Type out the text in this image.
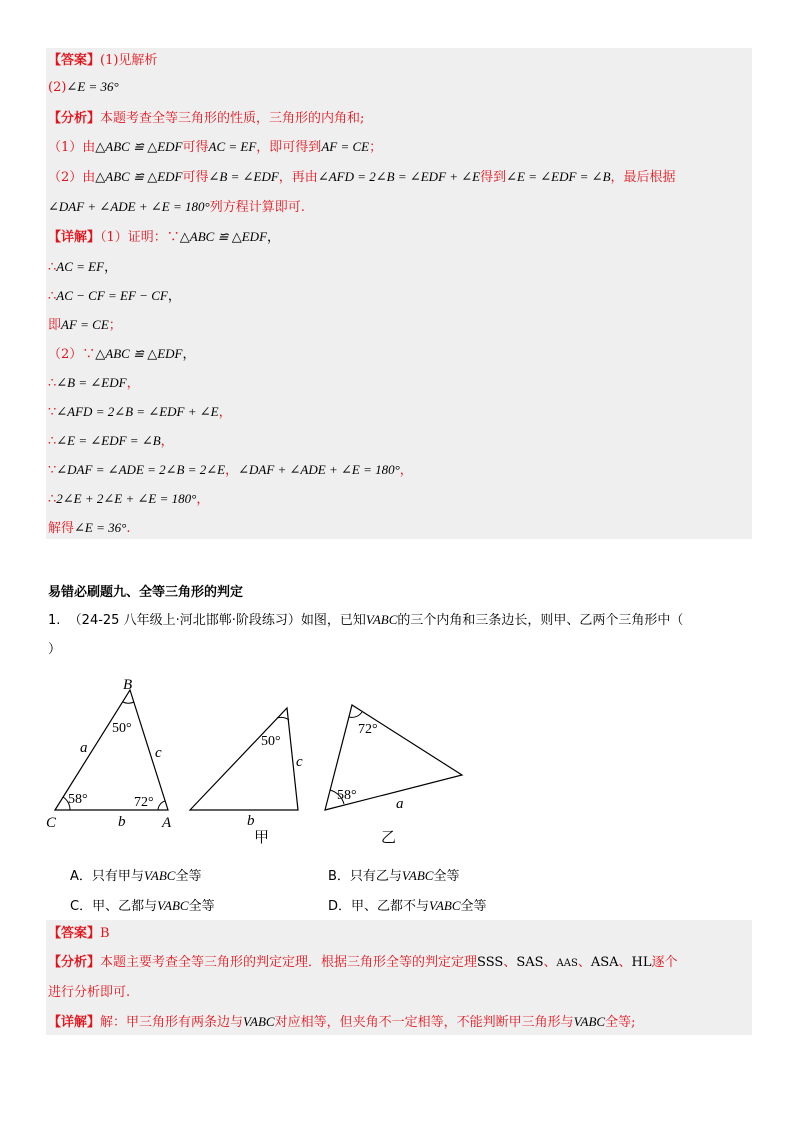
【答案】(1)见解析
(2)∠E = 36°
【分析】本题考查全等三角形的性质，三角形的内角和;
（1）由△ABC ≌ △EDF可得AC = EF，即可得到AF = CE；
（2）由△ABC ≌ △EDF可得∠B = ∠EDF，再由∠AFD = 2∠B = ∠EDF + ∠E得到∠E = ∠EDF = ∠B，最后根据
∠DAF + ∠ADE + ∠E = 180°列方程计算即可.
【详解】（1）证明：∵△ABC ≌ △EDF，
∴AC = EF，
∴AC − CF = EF − CF，
即AF = CE；
（2）∵△ABC ≌ △EDF，
∴∠B = ∠EDF，
∵∠AFD = 2∠B = ∠EDF + ∠E，
∴∠E = ∠EDF = ∠B，
∵∠DAF = ∠ADE = 2∠B = 2∠E，∠DAF + ∠ADE + ∠E = 180°，
∴2∠E + 2∠E + ∠E = 180°，
解得∠E = 36°.
易错必刷题九、全等三角形的判定
1. （24-25 八年级上·河北邯郸·阶段练习）如图，已知VABC的三个内角和三条边长，则甲、乙两个三角形中（
）
B
C	A
a	c
b
50°
58°	72°
50°
c
b
甲
72°
58°
a
乙
A．只有甲与VABC全等	B．只有乙与VABC全等
C．甲、乙都与VABC全等	D．甲、乙都不与VABC全等
【答案】B
【分析】本题主要考查全等三角形的判定定理．根据三角形全等的判定定理SSS、SAS、AAS、ASA、HL逐个
进行分析即可.
【详解】解：甲三角形有两条边与VABC对应相等，但夹角不一定相等，不能判断甲三角形与VABC全等;
